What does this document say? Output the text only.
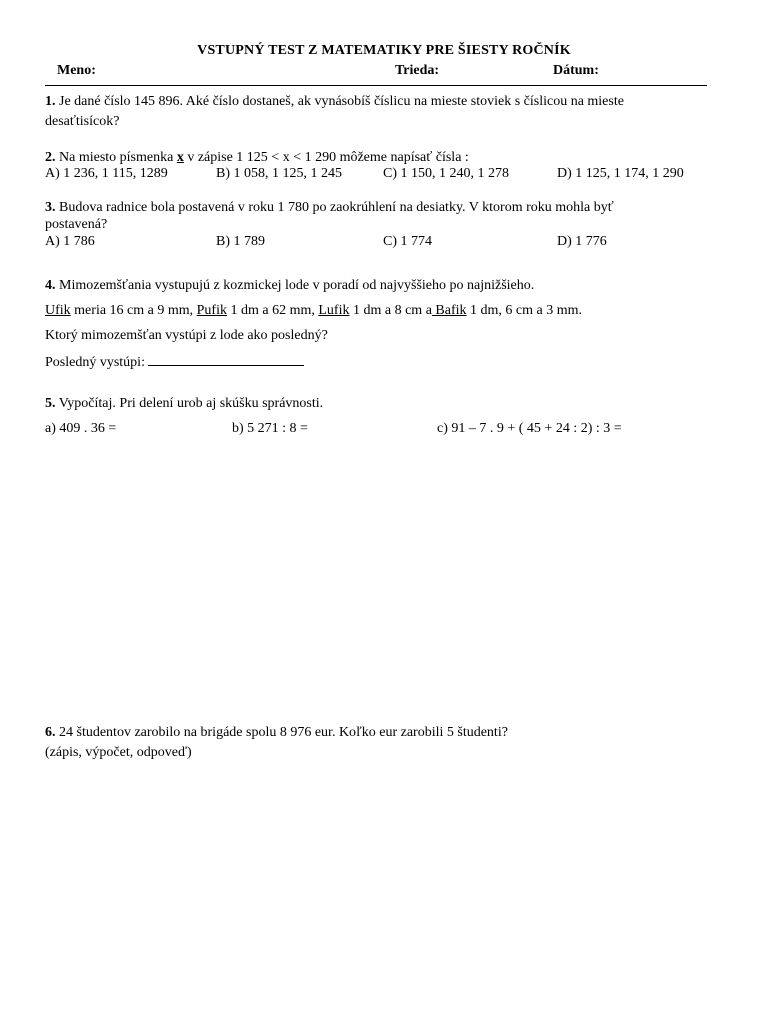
VSTUPNÝ TEST Z MATEMATIKY PRE ŠIESTY ROČNÍK
Meno:	Trieda:	Dátum:
1. Je dané číslo 145 896. Aké číslo dostaneš, ak vynásobíš číslicu na mieste stoviek s číslicou na mieste
desaťtisícok?
2. Na miesto písmenka x v zápise 1 125 < x < 1 290 môžeme napísať čísla :
A) 1 236, 1 115, 1289	B) 1 058, 1 125, 1 245	C) 1 150, 1 240, 1 278	D) 1 125, 1 174, 1 290
3. Budova radnice bola postavená v roku 1 780 po zaokrúhlení na desiatky. V ktorom roku mohla byť
postavená?
A) 1 786	B) 1 789	C) 1 774	D) 1 776
4. Mimozemšťania vystupujú z kozmickej lode v poradí od najvyššieho po najnižšieho.
Ufik meria 16 cm a 9 mm, Pufik 1 dm a 62 mm, Lufik 1 dm a 8 cm a Bafik 1 dm, 6 cm a 3 mm.
Ktorý mimozemšťan vystúpi z lode ako posledný?
Posledný vystúpi:
5. Vypočítaj. Pri delení urob aj skúšku správnosti.
a) 409 . 36 =	b) 5 271 : 8 =	c) 91 – 7 . 9 + ( 45 + 24 : 2) : 3 =
6. 24 študentov zarobilo na brigáde spolu 8 976 eur. Koľko eur zarobili 5 študenti?
(zápis, výpočet, odpoveď)
